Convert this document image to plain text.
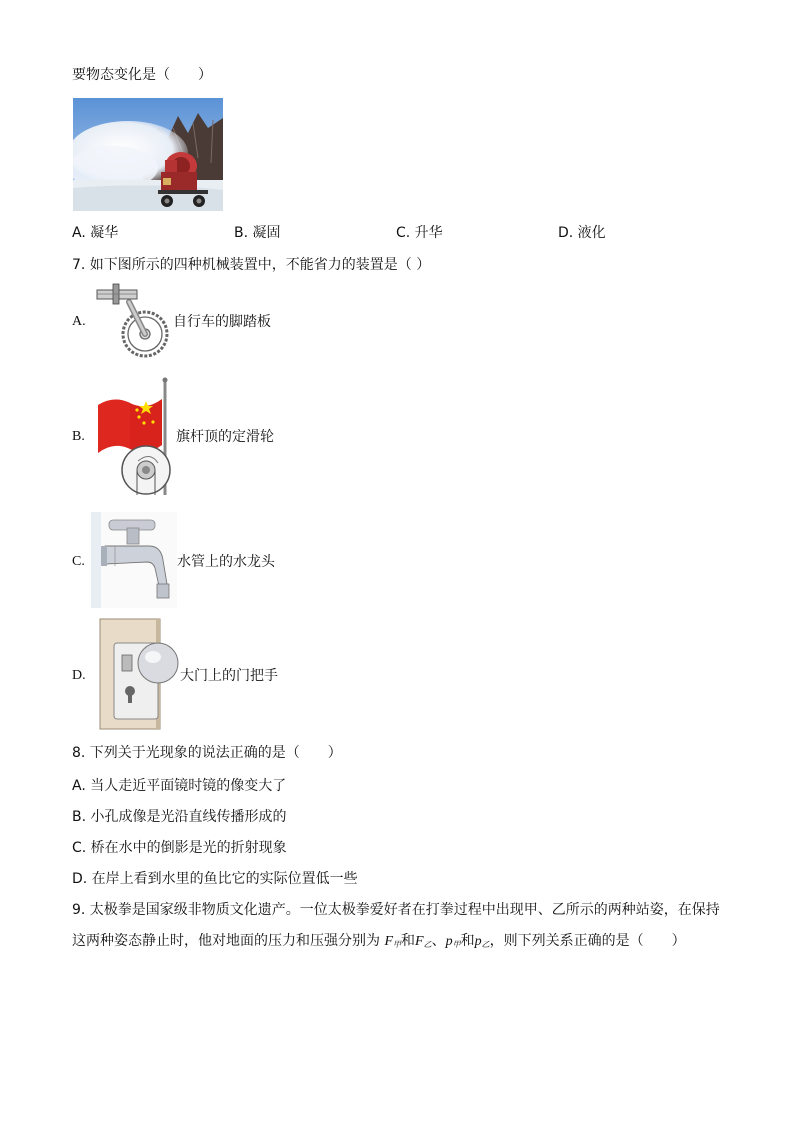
要物态变化是（　　）
A. 凝华	B. 凝固	C. 升华	D. 液化
7. 如下图所示的四种机械装置中，不能省力的装置是（ ）
A.	自行车的脚踏板
B.	旗杆顶的定滑轮
C.	水管上的水龙头
D.	大门上的门把手
8. 下列关于光现象的说法正确的是（　　）
A. 当人走近平面镜时镜的像变大了
B. 小孔成像是光沿直线传播形成的
C. 桥在水中的倒影是光的折射现象
D. 在岸上看到水里的鱼比它的实际位置低一些
9. 太极拳是国家级非物质文化遗产。一位太极拳爱好者在打拳过程中出现甲、乙所示的两种站姿，在保持
这两种姿态静止时，他对地面的压力和压强分别为 $F_甲$和$F_乙$、$p_甲$和$p_乙$，则下列关系正确的是（　　）
